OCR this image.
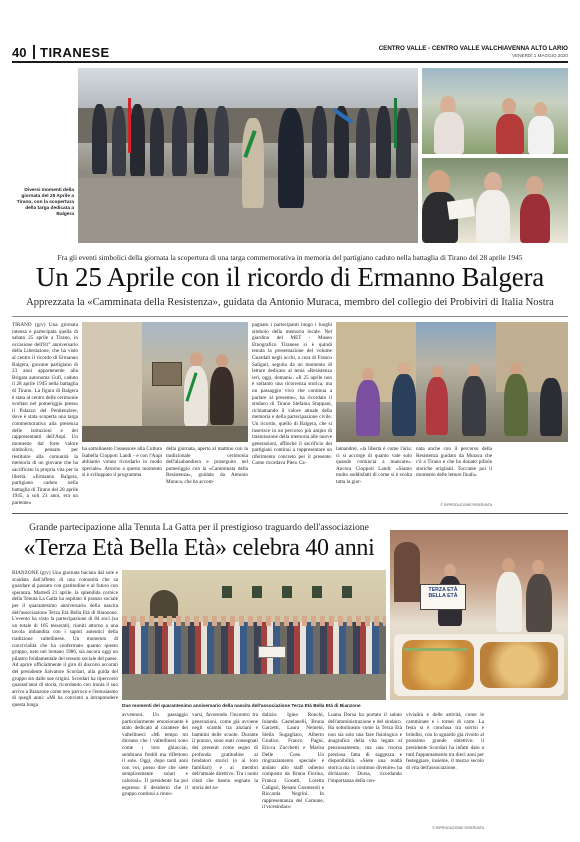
40 TIRANESE	CENTRO VALLE - CENTRO VALLE VALCHIAVENNA ALTO LARIO
VENERDÌ 1 MAGGIO 2020
Diversi momenti della giornata del 25 Aprile a Tirano, con la scopertura della targa dedicata a Balgera
Fra gli eventi simbolici della giornata la scopertura di una targa commemorativa in memoria del partigiano caduto nella battaglia di Tirano del 28 aprile 1945
Un 25 Aprile con il ricordo di Ermanno Balgera
Apprezzata la «Camminata della Resistenza», guidata da Antonio Muraca, membro del collegio dei Probiviri di Italia Nostra

TIRANO (grv) Una giornata intensa e partecipata quella di sabato 25 aprile a Tirano, in occasione dell'81° anniversario della Liberazione, che ha visto al centro il ricordo di Ermanno Balgera, giovane partigiano di 23 anni appartenente alla Brigata autonoma Gufi, caduto il 28 aprile 1945 nella battaglia di Tirano. La figura di Balgera è stata al centro delle cerimonie svoltasi nel pomeriggio presso il Palazzo del Penitenziere, dove è stata scoperta una targa commemorativa alla presenza delle istituzioni e dei rappresentanti dell'Anpi. Un momento dal forte valore simbolico, pensato per restituire alla comunità la memoria di un giovane che ha sacrificato la propria vita per la libertà. «Ermanno Balgera, partigiano caduto nella battaglia di Tirano del 28 aprile 1945, a soli 23 anni, era un partente»

ha sottolineato l'assessore alla Cultura Isabella Cioppoti Landi - e con l'Anpi abbiamo voluto ricordarlo in modo speciale». Attorno a questo momento si è sviluppato il programma

della giornata, aperto al mattino con la tradizionale cerimonia dell'alzabandiera e proseguito nel pomeriggio con la «Camminata della Resistenza», guidata da Antonio Muraca, che ha accom-

pagnato i partecipanti lungo i luoghi simbolo della memoria locale. Nel giardino del MET - Museo Etnografico Tiranese si è quindi tenuta la presentazione del volume Guardali negli occhi, a cura di Franco Saligari, seguita da un momento di letture dedicato al tema «Resistenza ieri, oggi, domani». «Il 25 aprile non è soltanto una ricorrenza storica, ma un passaggio vivo che continua a parlare al presente», ha ricordato il sindaco di Tirano Stefania Stoppani, richiamando il valore attuale della memoria e della partecipazione civile. Un ricordo, quello di Balgera, che si inserisce in un percorso più ampio di trasmissione della memoria alle nuove generazioni, affinché il sacrificio dei partigiani continui a rappresentare un riferimento concreto per il presente. Come ricordava Piero Ca-

lamandrei, «la libertà è come l'aria: ci si accorge di quanto vale solo quando comincia a mancare». Ancora Cioppoti Landi: «Siamo molto soddisfatti di come si è svolta tutta la gior-

nata anche con il percorso della Resistenza guidato da Muraca che c'è a Tirano e che ha donato pillole storiche originali. Toccante poi il momento delle letture finali».

© RIPRODUZIONE RISERVATA
Grande partecipazione alla Tenuta La Gatta per il prestigioso traguardo dell'associazione
«Terza Età Bella Età» celebra 40 anni

BIANZONE (grv) Una giornata baciata dal sole e scaldata dall'affetto di una comunità che sa guardare al passato con gratitudine e al futuro con speranza. Martedì 21 aprile, la splendida cornice della Tenuta La Gatta ha ospitato il pranzo sociale per il quarantesimo anniversario della nascita dell'associazione Terza Età Bella Età di Bianzone. L'evento ha visto la partecipazione di 84 soci (su un totale di 105 tesserati), riuniti attorno a una tavola imbandita con i sapori autentici della tradizione valtellinese. Un momento di convivialità che ha confermato quanto questo gruppo, nato nel lontano 1986, sia ancora oggi un pilastro fondamentale del tessuto sociale del paese. Ad aprire ufficialmente il giro di discorsi accorati del presidente Salvatore Scordari, alla guida del gruppo sin dalle sue origini. Scordari ha ripercorso quarant'anni di storia, ricordando con ironia il suo arrivo a Bianzone come neo parroco e l'entusiasmo di quegli anni: «Mi ha convinto a intraprendere questa lunga

TERZA ETÀ BELLA ETÀ
Due momenti del quarantesimo anniversario della nascita dell'associazione Terza Età Bella Età di Bianzone

avventura. Un passaggio particolarmente emozionante è stato dedicato al carattere dei valtellinesi: «Mi tempo mi diceano che i valtellinesi sono come i loro ghiacciai, sembrano freddi ma riflettono il sole. Oggi, dopo tanti anni con voi, posso dire che siete semplicemente solari e calorosi». Il presidente ha poi espresso il desiderio che il gruppo continui a rinno-

varsi, favorendo l'incontro tra generazioni, come già avviene negli scambi tra anziani e bambini delle scuole. Durante il pranzo, sono stati consegnati dei presenti come segno di profonda gratitudine ai fondatori storici (o ai loro familiari) e ai membri dell'attuale direttivo. Tra i nomi citati che hanno segnato la storia del so-

dalizio: Igino Ronchi, Iolanda Castelanelli, Bruna Garzetti, Laura Nemeni, Stella Sugagliaro, Alberto Giudice, Franco Pagni, Ericca Zucchetti e Marisa Delle Cose. Un ringraziamento speciale è andato allo staff odierno composto da Bruna Fiorina, Franca Gosatti, Loretta Caligari, Renato Gusmeroli e Riccarda Negrini. In rappresentanza del Comune, il vicesindaco

Luana Dorsa ha portato il saluto dell'amministrazione e del sindaco. Ha sottolineato come la Terza Età non sia solo una fase fisiologica e anagrafica della vita legata al pensionamento, ma una risorsa preziosa fatta di saggezza e disponibilità. «Siete una realtà storica ma in continuo divenire» ha dichiarato Dorsa, ricordando l'importanza della con-

vivialità e delle attività, come le camminate e i tornei di carte. La festa si è conclusa tra sorrisi e brindisi, con lo sguardo già rivolto al prossimo grande obiettivo: il presidente Scordari ha infatti dato a tutti l'appuntamento tra dieci anni per festeggiare, insieme, il mezzo secolo di vita dell'associazione.

© RIPRODUZIONE RISERVATA
